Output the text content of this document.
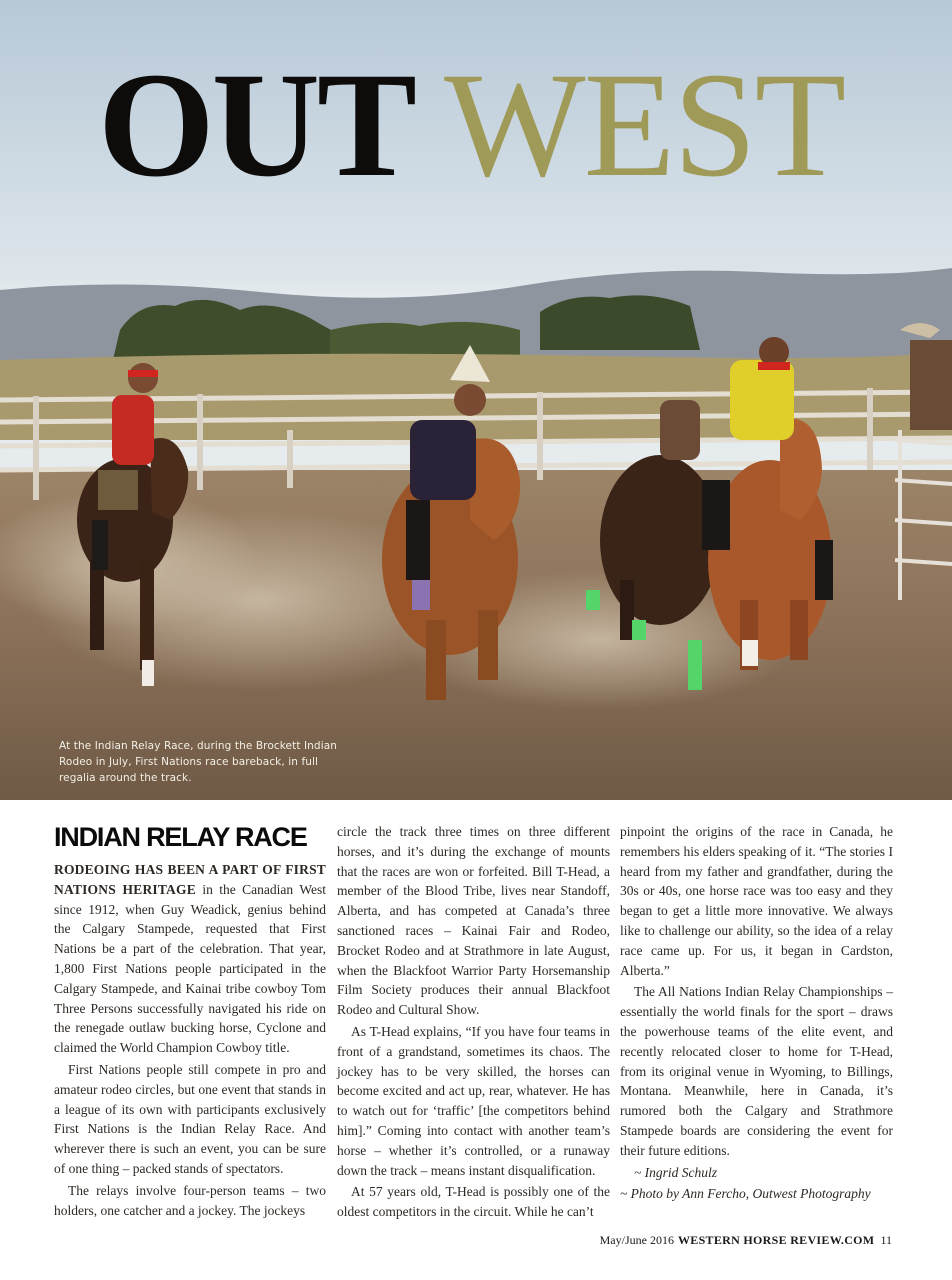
OUT WEST
At the Indian Relay Race, during the Brockett Indian Rodeo in July, First Nations race bareback, in full regalia around the track.
INDIAN RELAY RACE

RODEOING HAS BEEN A PART OF FIRST NATIONS HERITAGE in the Canadian West since 1912, when Guy Weadick, genius behind the Calgary Stampede, requested that First Nations be a part of the celebration. That year, 1,800 First Nations people participated in the Calgary Stampede, and Kainai tribe cowboy Tom Three Persons successfully navigated his ride on the renegade outlaw bucking horse, Cyclone and claimed the World Champion Cowboy title.

First Nations people still compete in pro and amateur rodeo circles, but one event that stands in a league of its own with participants exclusively First Nations is the Indian Relay Race. And wherever there is such an event, you can be sure of one thing – packed stands of spectators.

The relays involve four-person teams – two holders, one catcher and a jockey. The jockeys

circle the track three times on three different horses, and it’s during the exchange of mounts that the races are won or forfeited. Bill T-Head, a member of the Blood Tribe, lives near Standoff, Alberta, and has competed at Canada’s three sanctioned races – Kainai Fair and Rodeo, Brocket Rodeo and at Strathmore in late August, when the Blackfoot Warrior Party Horsemanship Film Society produces their annual Blackfoot Rodeo and Cultural Show.

As T-Head explains, “If you have four teams in front of a grandstand, sometimes its chaos. The jockey has to be very skilled, the horses can become excited and act up, rear, whatever. He has to watch out for ‘traffic’ [the competitors behind him].” Coming into contact with another team’s horse – whether it’s controlled, or a runaway down the track – means instant disqualification.

At 57 years old, T-Head is possibly one of the oldest competitors in the circuit. While he can’t

pinpoint the origins of the race in Canada, he remembers his elders speaking of it. “The stories I heard from my father and grandfather, during the 30s or 40s, one horse race was too easy and they began to get a little more innovative. We always like to challenge our ability, so the idea of a relay race came up. For us, it began in Cardston, Alberta.”

The All Nations Indian Relay Championships – essentially the world finals for the sport – draws the powerhouse teams of the elite event, and recently relocated closer to home for T-Head, from its original venue in Wyoming, to Billings, Montana. Meanwhile, here in Canada, it’s rumored both the Calgary and Strathmore Stampede boards are considering the event for their future editions.

~ Ingrid Schulz

~ Photo by Ann Fercho, Outwest Photography

May/June 2016 WESTERN HORSE REVIEW.COM 11
